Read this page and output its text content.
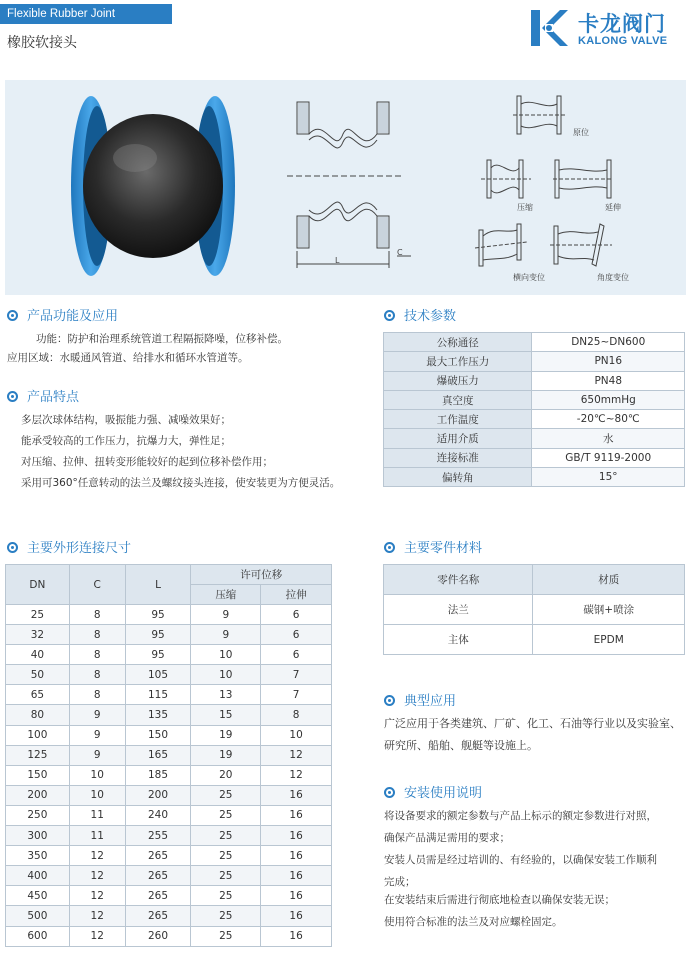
Flexible Rubber Joint
橡胶软接头
卡龙阀门
KALONG VALVE
L
C
原位
压缩	延伸
横向变位	角度变位
产品功能及应用
功能：防护和治理系统管道工程隔振降噪，位移补偿。
应用区域：水暖通风管道、给排水和循环水管道等。
产品特点
多层次球体结构，吸振能力强、减噪效果好；
能承受较高的工作压力，抗爆力大，弹性足；
对压缩、拉伸、扭转变形能较好的起到位移补偿作用；
采用可360°任意转动的法兰及螺纹接头连接，使安装更为方便灵活。
技术参数
公称通径	DN25~DN600
最大工作压力	PN16
爆破压力	PN48
真空度	650mmHg
工作温度	-20℃~80℃
适用介质	水
连接标准	GB/T 9119-2000
偏转角	15°
主要外形连接尺寸
DN	C	L	许可位移	
			压缩	拉伸
25	8	95	9	6
32	8	95	9	6
40	8	95	10	6
50	8	105	10	7
65	8	115	13	7
80	9	135	15	8
100	9	150	19	10
125	9	165	19	12
150	10	185	20	12
200	10	200	25	16
250	11	240	25	16
300	11	255	25	16
350	12	265	25	16
400	12	265	25	16
450	12	265	25	16
500	12	265	25	16
600	12	260	25	16
主要零件材料
零件名称	材质
法兰	碳钢+喷涂
主体	EPDM
典型应用
广泛应用于各类建筑、厂矿、化工、石油等行业以及实验室、
研究所、船舶、舰艇等设施上。
安装使用说明
将设备要求的额定参数与产品上标示的额定参数进行对照，
确保产品满足需用的要求；
安装人员需是经过培训的、有经验的，以确保安装工作顺利
完成；
在安装结束后需进行彻底地检查以确保安装无误；
使用符合标准的法兰及对应螺栓固定。
